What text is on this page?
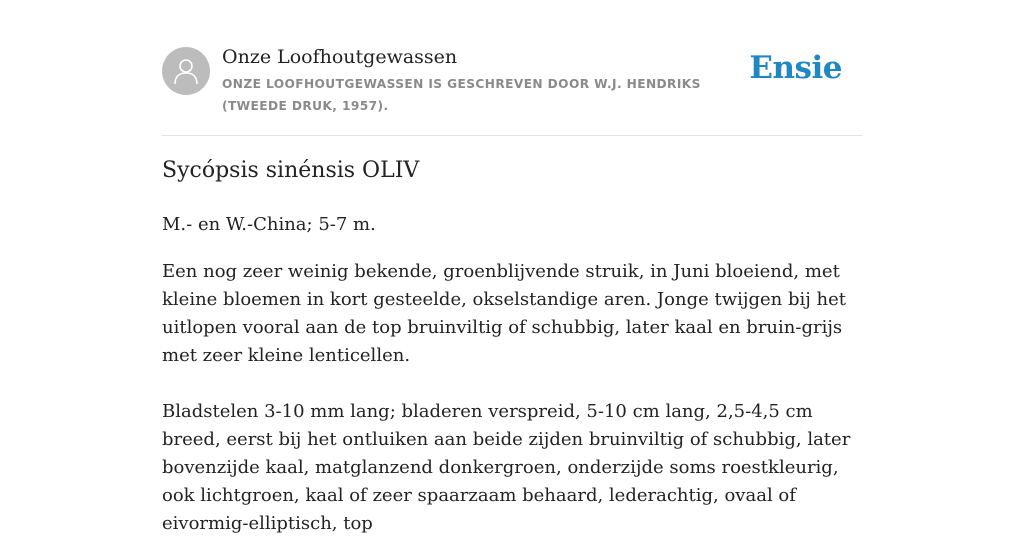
Onze Loofhoutgewassen
ONZE LOOFHOUTGEWASSEN IS GESCHREVEN DOOR W.J. HENDRIKS (TWEEDE DRUK, 1957).
Ensie
Sycópsis sinénsis OLIV

M.- en W.-China; 5-7 m.

Een nog zeer weinig bekende, groenblijvende struik, in Juni bloeiend, met kleine bloemen in kort gesteelde, okselstandige aren. Jonge twijgen bij het uitlopen vooral aan de top bruinviltig of schubbig, later kaal en bruin-grijs met zeer kleine lenticellen.

Bladstelen 3-10 mm lang; bladeren verspreid, 5-10 cm lang, 2,5-4,5 cm breed, eerst bij het ontluiken aan beide zijden bruinviltig of schubbig, later bovenzijde kaal, matglanzend donkergroen, onderzijde soms roestkleurig, ook lichtgroen, kaal of zeer spaarzaam behaard, lederachtig, ovaal of eivormig-elliptisch, top
